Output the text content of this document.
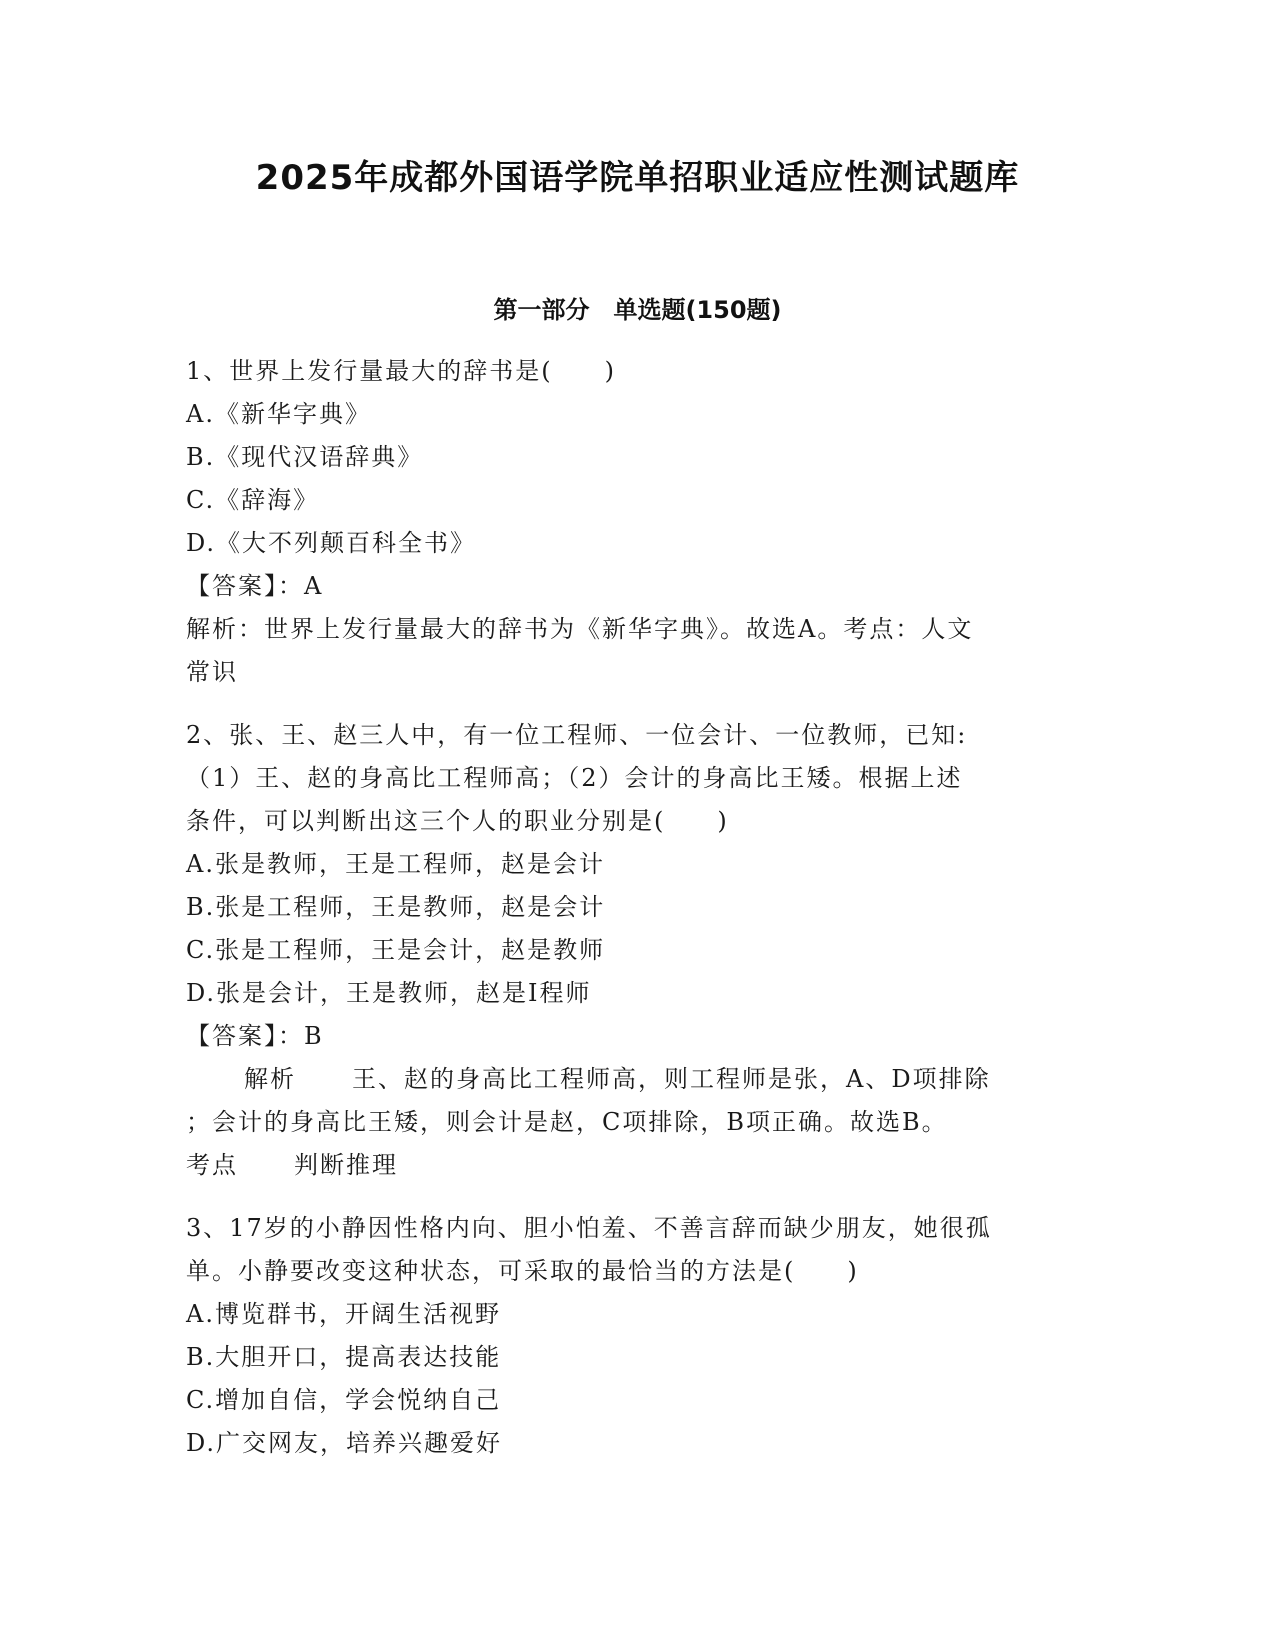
2025年成都外国语学院单招职业适应性测试题库
第一部分　单选题(150题)
1、世界上发行量最大的辞书是(　　)
A.《新华字典》
B.《现代汉语辞典》
C.《辞海》
D.《大不列颠百科全书》
【答案】：A
解析：世界上发行量最大的辞书为《新华字典》。故选A。考点：人文
常识
2、张、王、赵三人中，有一位工程师、一位会计、一位教师，已知:
（1）王、赵的身高比工程师高；（2）会计的身高比王矮。根据上述
条件，可以判断出这三个人的职业分别是(　　)
A.张是教师，王是工程师，赵是会计
B.张是工程师，王是教师，赵是会计
C.张是工程师，王是会计，赵是教师
D.张是会计，王是教师，赵是I程师
【答案】：B
解析 王、赵的身高比工程师高，则工程师是张，A、D项排除
；会计的身高比王矮，则会计是赵，C项排除，B项正确。故选B。
考点 判断推理
3、17岁的小静因性格内向、胆小怕羞、不善言辞而缺少朋友，她很孤
单。小静要改变这种状态，可采取的最恰当的方法是(　　)
A.博览群书，开阔生活视野
B.大胆开口，提高表达技能
C.增加自信，学会悦纳自己
D.广交网友，培养兴趣爱好
